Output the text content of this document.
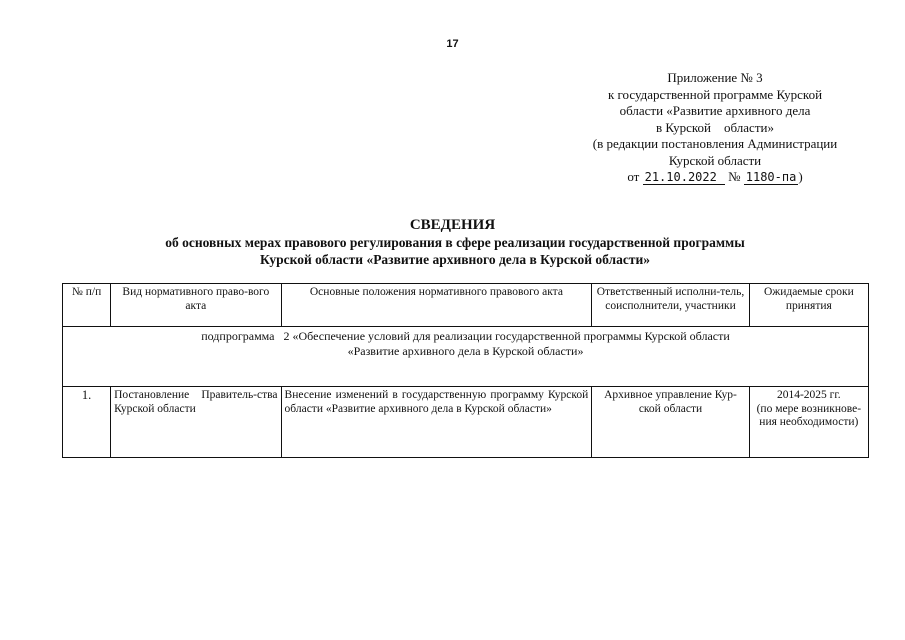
17
Приложение № 3
к государственной программе Курской
области «Развитие архивного дела
в Курской    области»
(в редакции постановления Администрации
Курской области
от 21.10.2022 № 1180-па )
СВЕДЕНИЯ
об основных мерах правового регулирования в сфере реализации государственной программы
Курской области «Развитие архивного дела в Курской области»
№ п/п	Вид нормативного право-вого акта	Основные положения нормативного правового акта	Ответственный исполни-тель, соисполнители, участники	Ожидаемые сроки принятия

подпрограмма   2 «Обеспечение условий для реализации государственной программы Курской области
«Развитие архивного дела в Курской области»				

1.	Постановление   Правитель-ства Курской области	Внесение изменений в государственную программу Курской области «Развитие архивного дела в Курской области»	Архивное управление Кур-ской области	2014-2025 гг.
(по мере возникнове-ния необходимости)
